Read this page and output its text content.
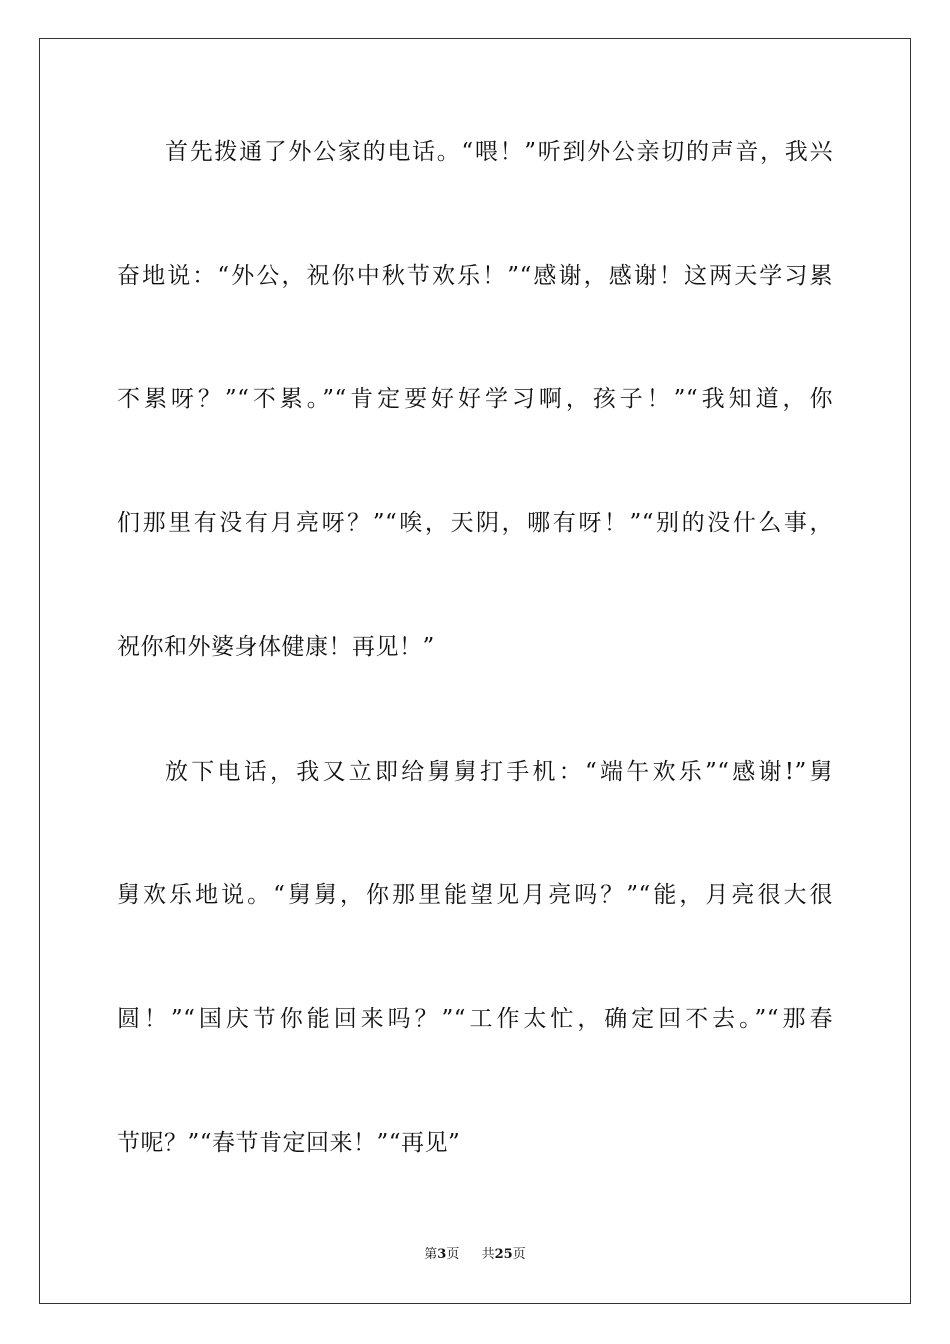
首先拨通了外公家的电话。“喂！”听到外公亲切的声音，我兴
奋地说：“外公，祝你中秋节欢乐！”“感谢，感谢！这两天学习累
不累呀？”“不累。”“肯定要好好学习啊，孩子！”“我知道，你
们那里有没有月亮呀？”“唉，天阴，哪有呀！”“别的没什么事，
祝你和外婆身体健康！再见！”
放下电话，我又立即给舅舅打手机：“端午欢乐”“感谢!”舅
舅欢乐地说。“舅舅，你那里能望见月亮吗？”“能，月亮很大很
圆！”“国庆节你能回来吗？”“工作太忙，确定回不去。”“那春
节呢？”“春节肯定回来！”“再见”
第3页 共25页
